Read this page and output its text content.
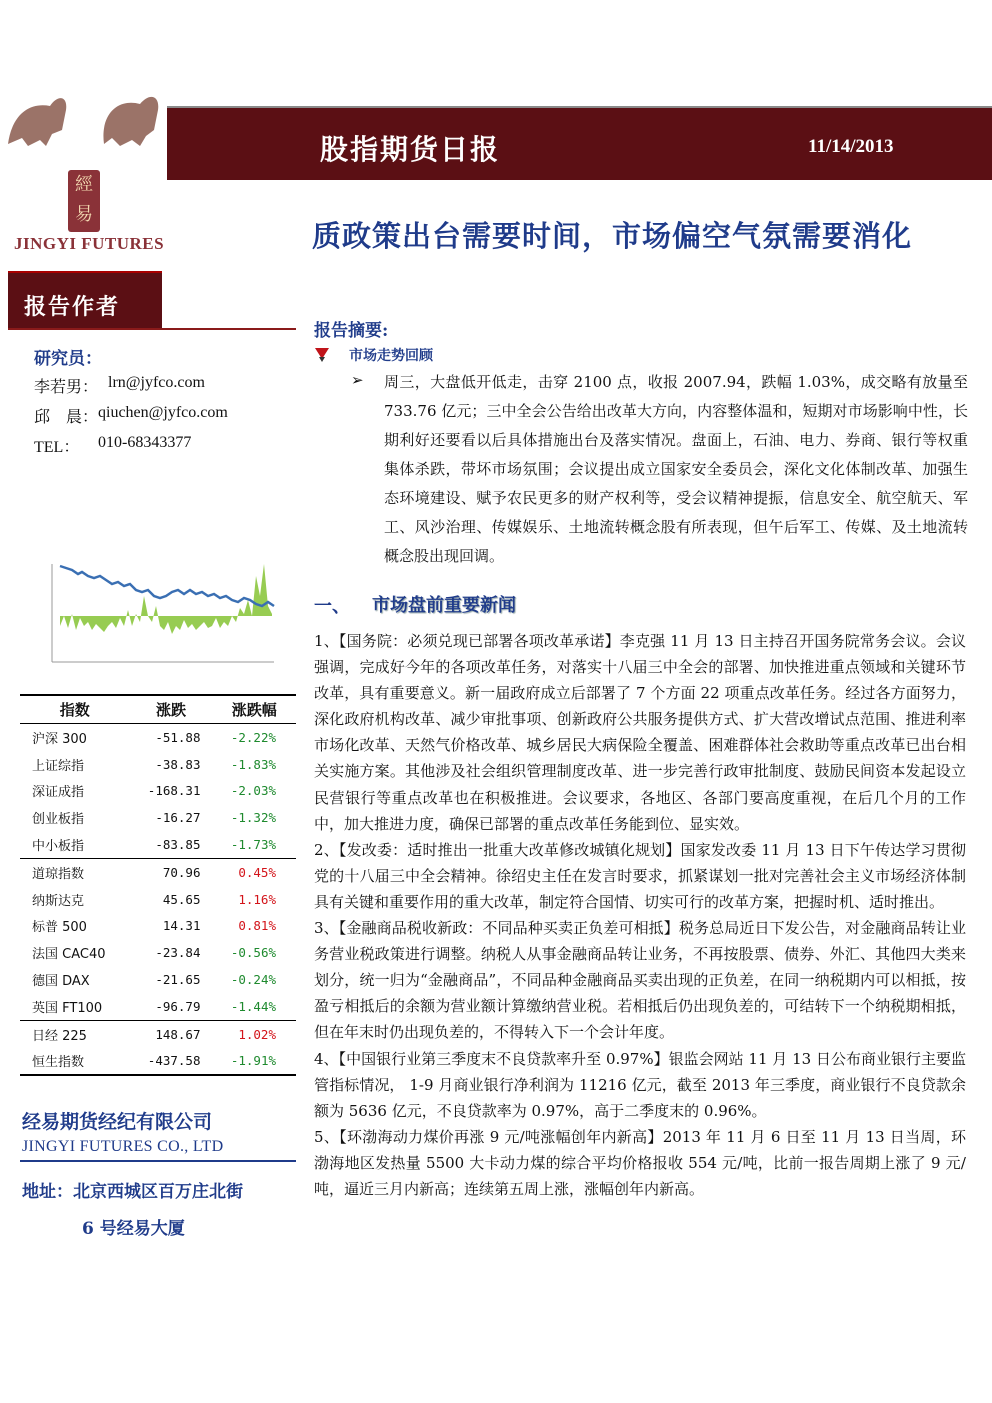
經易
JINGYI FUTURES
股指期货日报	11/14/2013
质政策出台需要时间，市场偏空气氛需要消化
报告作者
研究员：
李若男： lrn@jyfco.com
邱    晨： qiuchen@jyfco.com
TEL： 010-68343377
指数	涨跌	涨跌幅
沪深 300	-51.88	-2.22%
上证综指	-38.83	-1.83%
深证成指	-168.31	-2.03%
创业板指	-16.27	-1.32%
中小板指	-83.85	-1.73%
道琼指数	70.96	0.45%
纳斯达克	45.65	1.16%
标普 500	14.31	0.81%
法国 CAC40	-23.84	-0.56%
德国 DAX	-21.65	-0.24%
英国 FT100	-96.79	-1.44%
日经 225	148.67	1.02%
恒生指数	-437.58	-1.91%
经易期货经纪有限公司
JINGYI FUTURES CO., LTD
地址：北京西城区百万庄北街
6 号经易大厦
报告摘要:
市场走势回顾
➢ 周三，大盘低开低走，击穿 2100 点，收报 2007.94，跌幅 1.03%，成交略有放量至 733.76 亿元；三中全会公告给出改革大方向，内容整体温和，短期对市场影响中性，长期利好还要看以后具体措施出台及落实情况。盘面上，石油、电力、券商、银行等权重集体杀跌，带坏市场氛围；会议提出成立国家安全委员会，深化文化体制改革、加强生态环境建设、赋予农民更多的财产权利等，受会议精神提振，信息安全、航空航天、军工、风沙治理、传媒娱乐、土地流转概念股有所表现，但午后军工、传媒、及土地流转概念股出现回调。
一、 市场盘前重要新闻

1、【国务院：必须兑现已部署各项改革承诺】李克强 11 月 13 日主持召开国务院常务会议。会议强调，完成好今年的各项改革任务，对落实十八届三中全会的部署、加快推进重点领域和关键环节改革，具有重要意义。新一届政府成立后部署了 7 个方面 22 项重点改革任务。经过各方面努力，深化政府机构改革、减少审批事项、创新政府公共服务提供方式、扩大营改增试点范围、推进利率市场化改革、天然气价格改革、城乡居民大病保险全覆盖、困难群体社会救助等重点改革已出台相关实施方案。其他涉及社会组织管理制度改革、进一步完善行政审批制度、鼓励民间资本发起设立民营银行等重点改革也在积极推进。会议要求，各地区、各部门要高度重视，在后几个月的工作中，加大推进力度，确保已部署的重点改革任务能到位、显实效。

2、【发改委：适时推出一批重大改革修改城镇化规划】国家发改委 11 月 13 日下午传达学习贯彻党的十八届三中全会精神。徐绍史主任在发言时要求，抓紧谋划一批对完善社会主义市场经济体制具有关键和重要作用的重大改革，制定符合国情、切实可行的改革方案，把握时机、适时推出。

3、【金融商品税收新政：不同品种买卖正负差可相抵】税务总局近日下发公告，对金融商品转让业务营业税政策进行调整。纳税人从事金融商品转让业务，不再按股票、债券、外汇、其他四大类来划分，统一归为“金融商品”，不同品种金融商品买卖出现的正负差，在同一纳税期内可以相抵，按盈亏相抵后的余额为营业额计算缴纳营业税。若相抵后仍出现负差的，可结转下一个纳税期相抵，但在年末时仍出现负差的，不得转入下一个会计年度。

4、【中国银行业第三季度末不良贷款率升至 0.97%】银监会网站 11 月 13 日公布商业银行主要监管指标情况， 1-9 月商业银行净利润为 11216 亿元，截至 2013 年三季度，商业银行不良贷款余额为 5636 亿元，不良贷款率为 0.97%，高于二季度末的 0.96%。

5、【环渤海动力煤价再涨 9 元/吨涨幅创年内新高】2013 年 11 月 6 日至 11 月 13 日当周，环渤海地区发热量 5500 大卡动力煤的综合平均价格报收 554 元/吨，比前一报告周期上涨了 9 元/吨，逼近三月内新高；连续第五周上涨，涨幅创年内新高。
